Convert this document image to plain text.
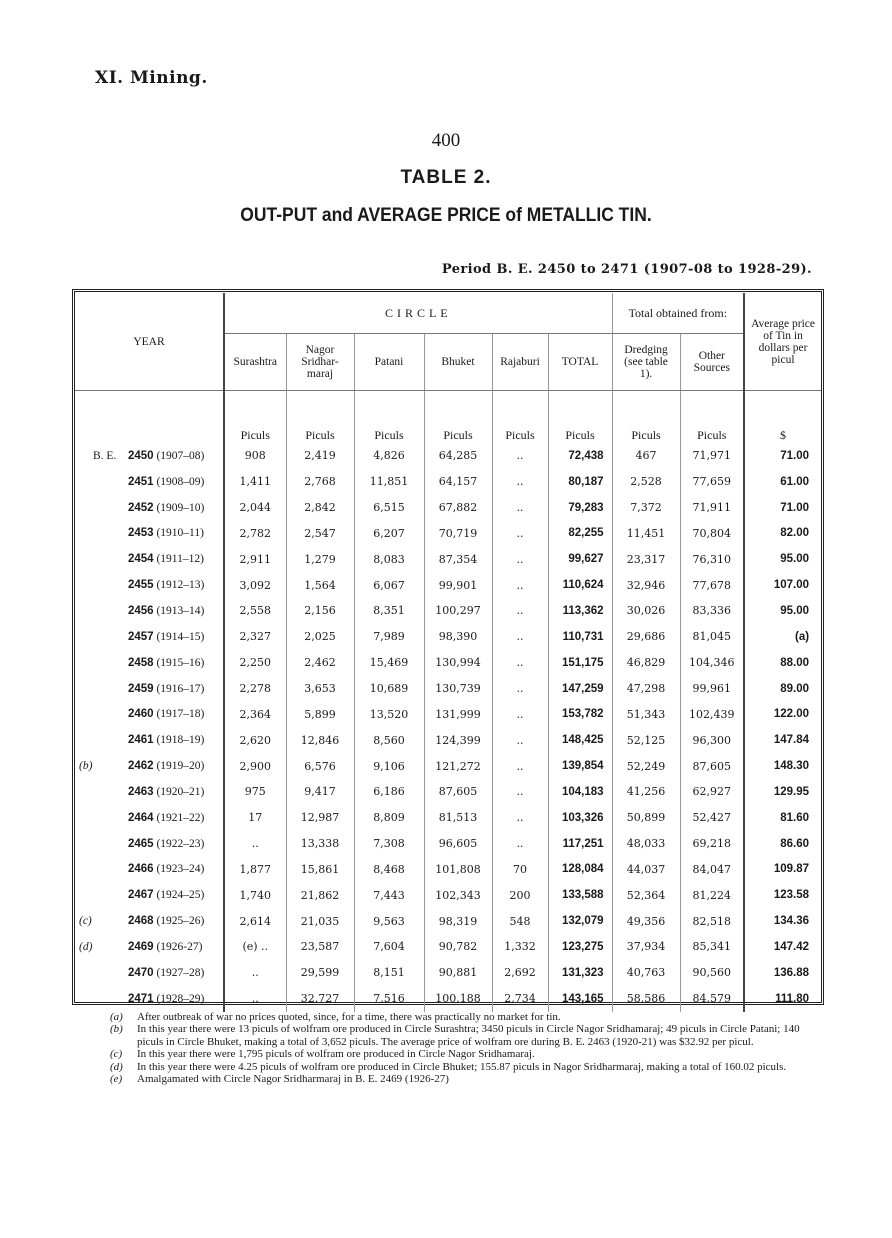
XI. Mining.
400
TABLE 2.
OUT-PUT and AVERAGE PRICE of METALLIC TIN.
Period B. E. 2450 to 2471 (1907-08 to 1928-29).
YEAR	CIRCLE						Total obtained from:		Average price of Tin in dollars per picul
	Surashtra	Nagor Sridhar-maraj	Patani	Bhuket	Rajaburi	TOTAL	Dredging (see table 1).	Other Sources	
	Piculs	Piculs	Piculs	Piculs	Piculs	Piculs	Piculs	Piculs	$
B. E. 2450 (1907–08)	908	2,419	4,826	64,285	..	72,438	467	71,971	71.00
2451 (1908–09)	1,411	2,768	11,851	64,157	..	80,187	2,528	77,659	61.00
2452 (1909–10)	2,044	2,842	6,515	67,882	..	79,283	7,372	71,911	71.00
2453 (1910–11)	2,782	2,547	6,207	70,719	..	82,255	11,451	70,804	82.00
2454 (1911–12)	2,911	1,279	8,083	87,354	..	99,627	23,317	76,310	95.00
2455 (1912–13)	3,092	1,564	6,067	99,901	..	110,624	32,946	77,678	107.00
2456 (1913–14)	2,558	2,156	8,351	100,297	..	113,362	30,026	83,336	95.00
2457 (1914–15)	2,327	2,025	7,989	98,390	..	110,731	29,686	81,045	(a)
2458 (1915–16)	2,250	2,462	15,469	130,994	..	151,175	46,829	104,346	88.00
2459 (1916–17)	2,278	3,653	10,689	130,739	..	147,259	47,298	99,961	89.00
2460 (1917–18)	2,364	5,899	13,520	131,999	..	153,782	51,343	102,439	122.00
2461 (1918–19)	2,620	12,846	8,560	124,399	..	148,425	52,125	96,300	147.84
(b) 2462 (1919–20)	2,900	6,576	9,106	121,272	..	139,854	52,249	87,605	148.30
2463 (1920–21)	975	9,417	6,186	87,605	..	104,183	41,256	62,927	129.95
2464 (1921–22)	17	12,987	8,809	81,513	..	103,326	50,899	52,427	81.60
2465 (1922–23)	..	13,338	7,308	96,605	..	117,251	48,033	69,218	86.60
2466 (1923–24)	1,877	15,861	8,468	101,808	70	128,084	44,037	84,047	109.87
2467 (1924–25)	1,740	21,862	7,443	102,343	200	133,588	52,364	81,224	123.58
(c) 2468 (1925–26)	2,614	21,035	9,563	98,319	548	132,079	49,356	82,518	134.36
(d) 2469 (1926-27)	(e) ..	23,587	7,604	90,782	1,332	123,275	37,934	85,341	147.42
2470 (1927–28)	..	29,599	8,151	90,881	2,692	131,323	40,763	90,560	136.88
2471 (1928–29)	..	32,727	7,516	100,188	2,734	143,165	58,586	84,579	111.80
(a)	After outbreak of war no prices quoted, since, for a time, there was practically no market for tin.
(b)	In this year there were 13 piculs of wolfram ore produced in Circle Surashtra; 3450 piculs in Circle Nagor Sridhamaraj; 49 piculs in Circle Patani; 140 piculs in Circle Bhuket, making a total of 3,652 piculs. The average price of wolfram ore during B. E. 2463 (1920-21) was $32.92 per picul.
(c)	In this year there were 1,795 piculs of wolfram ore produced in Circle Nagor Sridhamaraj.
(d)	In this year there were 4.25 piculs of wolfram ore produced in Circle Bhuket; 155.87 piculs in Nagor Sridharmaraj, making a total of 160.02 piculs.
(e)	Amalgamated with Circle Nagor Sridharmaraj in B. E. 2469 (1926-27)
